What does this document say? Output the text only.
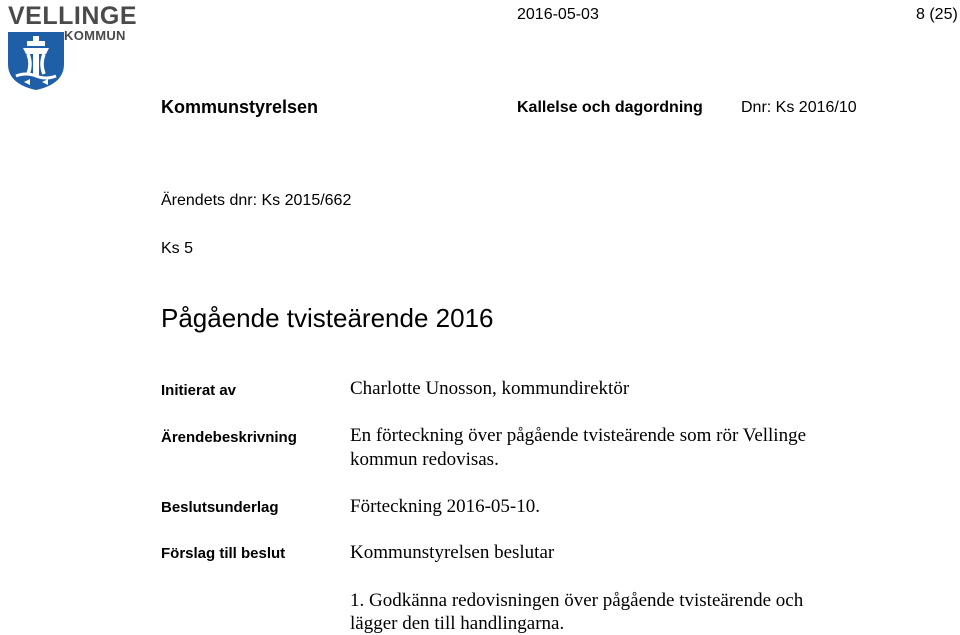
VELLINGE
KOMMUN
2016-05-03	8 (25)
Kommunstyrelsen	Kallelse och dagordning Dnr: Ks 2016/10
Ärendets dnr: Ks 2015/662
Ks 5
Pågående tvisteärende 2016
Initierat av	Charlotte Unosson, kommundirektör
Ärendebeskrivning	En förteckning över pågående tvisteärende som rör Vellinge
kommun redovisas.
Beslutsunderlag	Förteckning 2016-05-10.
Förslag till beslut	Kommunstyrelsen beslutar
1. Godkänna redovisningen över pågående tvisteärende och
lägger den till handlingarna.
